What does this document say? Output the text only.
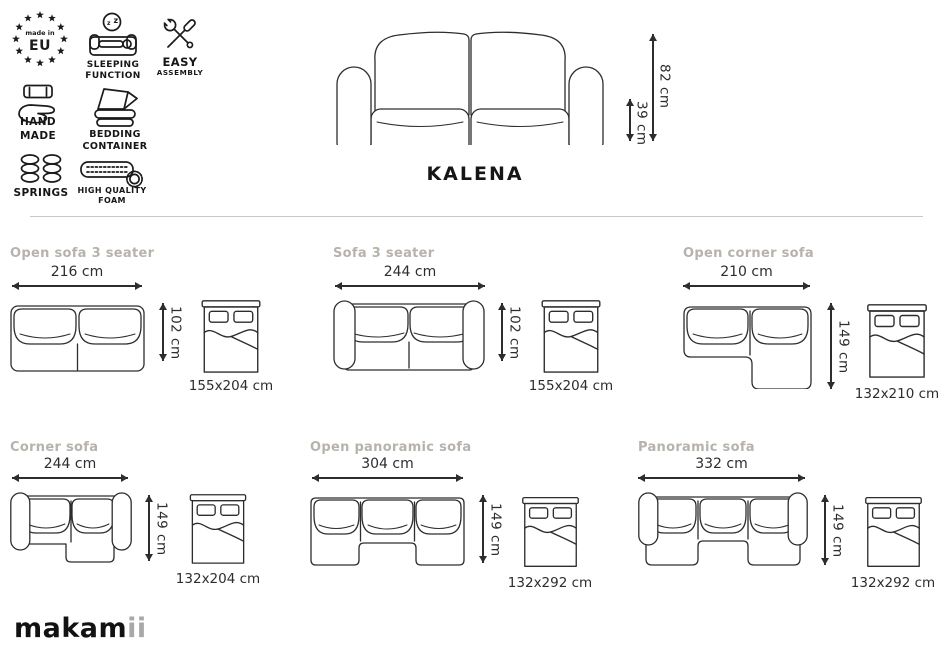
made in
EU
z z
SLEEPING
FUNCTION
EASY
ASSEMBLY
HAND
MADE	BEDDING
CONTAINER
SPRINGS	HIGH QUALITY
FOAM
39 cm
82 cm
KALENA
Open sofa 3 seater
216 cm
102 cm
155x204 cm
Sofa 3 seater
244 cm
102 cm
155x204 cm
Open corner sofa
210 cm
149 cm
132x210 cm
Corner sofa
244 cm
149 cm
132x204 cm
Open panoramic sofa
304 cm
149 cm
132x292 cm
Panoramic sofa
332 cm
149 cm
132x292 cm
makamii
